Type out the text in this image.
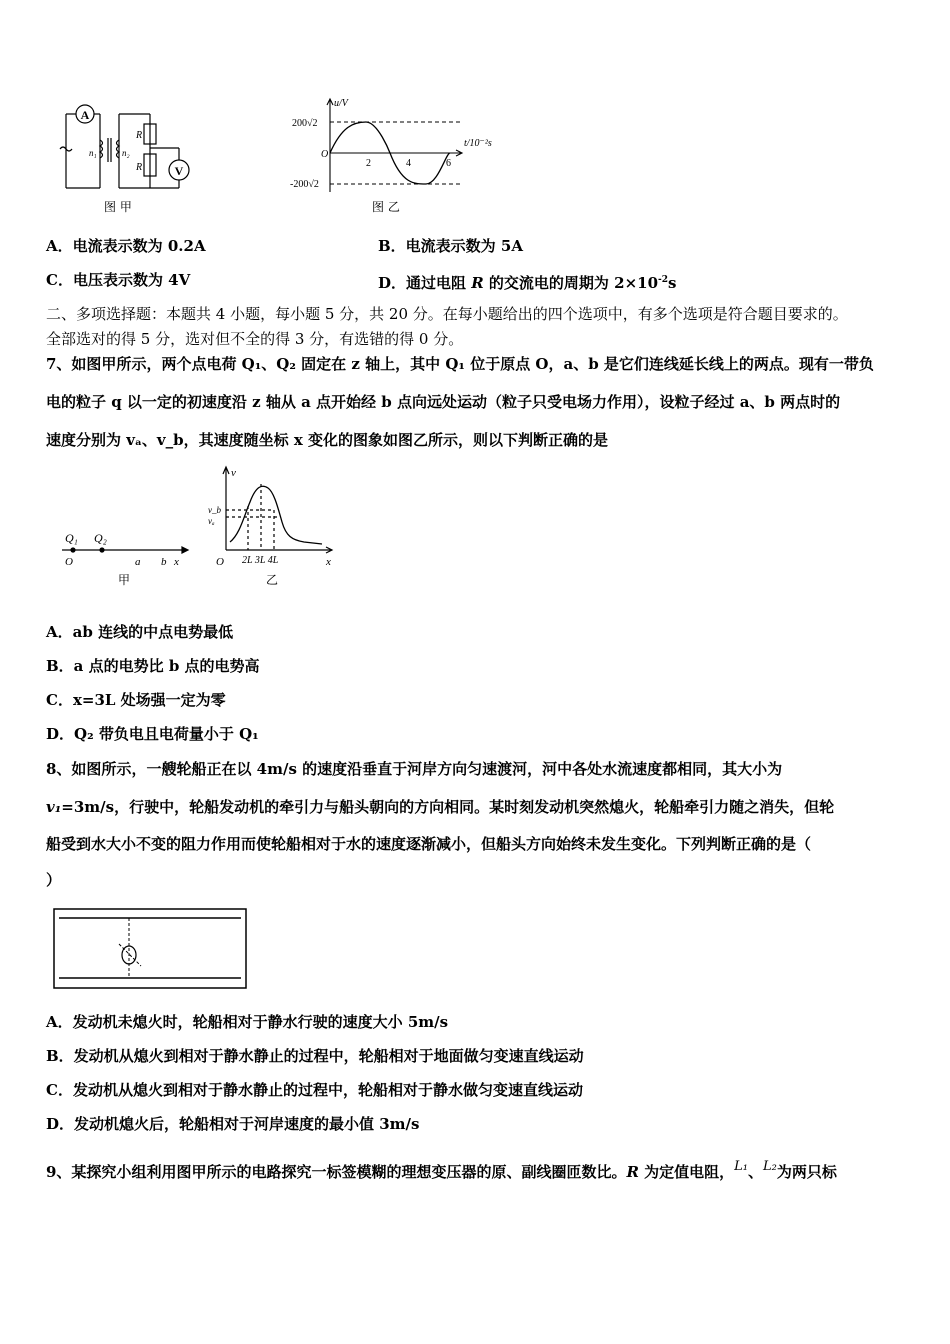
A
V
n₁	n₂
R
R
图 甲
u/V
200√2
-200√2
O
2	4	6
t/10⁻²s
图 乙
A．电流表示数为 0.2A	B．电流表示数为 5A
C．电压表示数为 4V	D．通过电阻 R 的交流电的周期为 $2\times 10^{-2}s$
二、多项选择题：本题共 4 小题，每小题 5 分，共 20 分。在每小题给出的四个选项中，有多个选项是符合题目要求的。
全部选对的得 5 分，选对但不全的得 3 分，有选错的得 0 分。
7、如图甲所示，两个点电荷 Q₁、Q₂ 固定在 z 轴上，其中 Q₁ 位于原点 O，a、b 是它们连线延长线上的两点。现有一带负
电的粒子 q 以一定的初速度沿 z 轴从 a 点开始经 b 点向远处运动（粒子只受电场力作用），设粒子经过 a、b 两点时的
速度分别为 vₐ、v_b，其速度随坐标 x 变化的图象如图乙所示，则以下判断正确的是
Q₁ Q₂
O	a b x
甲
v
v_b
vₐ
O 2L 3L 4L	x
乙
A．ab 连线的中点电势最低
B．a 点的电势比 b 点的电势高
C．x=3L 处场强一定为零
D．Q₂ 带负电且电荷量小于 Q₁
8、如图所示，一艘轮船正在以 4m/s 的速度沿垂直于河岸方向匀速渡河，河中各处水流速度都相同，其大小为
v₁=3m/s，行驶中，轮船发动机的牵引力与船头朝向的方向相同。某时刻发动机突然熄火，轮船牵引力随之消失，但轮
船受到水大小不变的阻力作用而使轮船相对于水的速度逐渐减小，但船头方向始终未发生变化。下列判断正确的是（
）
A．发动机未熄火时，轮船相对于静水行驶的速度大小 5m/s
B．发动机从熄火到相对于静水静止的过程中，轮船相对于地面做匀变速直线运动
C．发动机从熄火到相对于静水静止的过程中，轮船相对于静水做匀变速直线运动
D．发动机熄火后，轮船相对于河岸速度的最小值 3m/s
9、某探究小组利用图甲所示的电路探究一标签模糊的理想变压器的原、副线圈匝数比。R 为定值电阻，L₁、L₂为两只标
